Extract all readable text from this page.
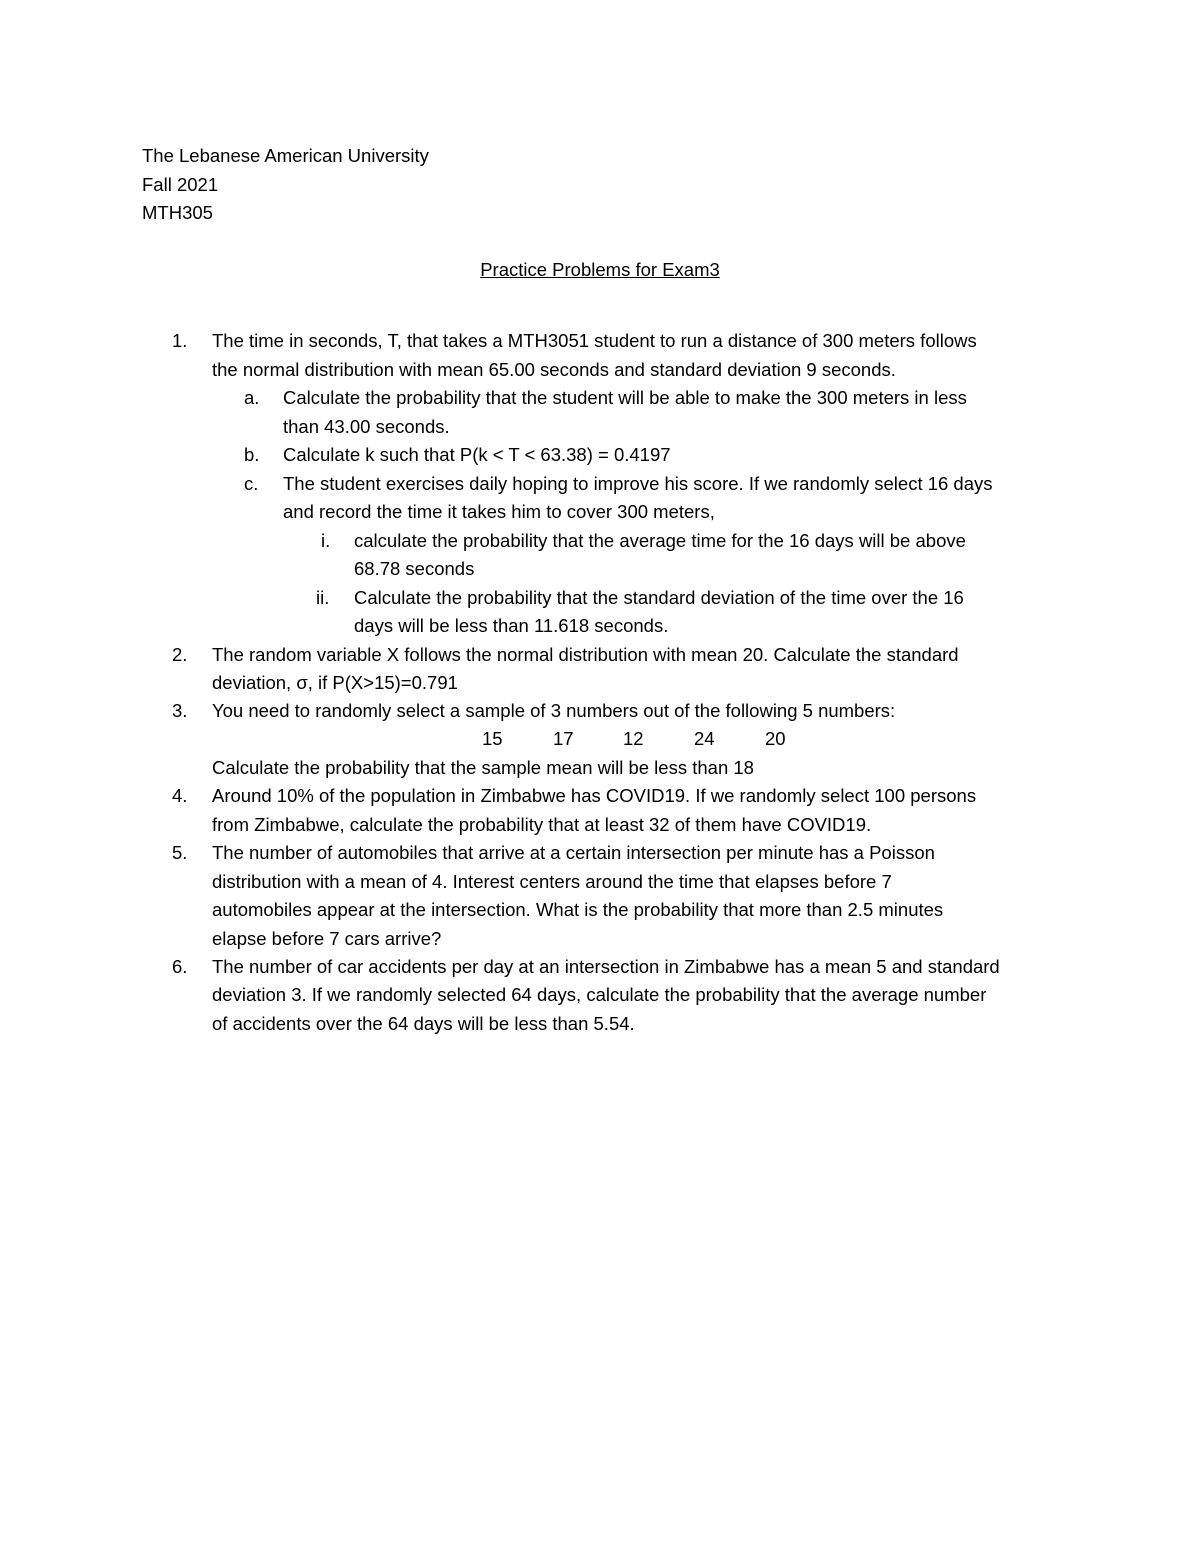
The Lebanese American University
Fall 2021
MTH305
Practice Problems for Exam3
1. The time in seconds, T, that takes a MTH3051 student to run a distance of 300 meters follows
the normal distribution with mean 65.00 seconds and standard deviation 9 seconds.
a. Calculate the probability that the student will be able to make the 300 meters in less
than 43.00 seconds.
b. Calculate k such that P(k < T < 63.38) = 0.4197
c. The student exercises daily hoping to improve his score. If we randomly select 16 days
and record the time it takes him to cover 300 meters,
i. calculate the probability that the average time for the 16 days will be above
68.78 seconds
ii. Calculate the probability that the standard deviation of the time over the 16
days will be less than 11.618 seconds.
2. The random variable X follows the normal distribution with mean 20. Calculate the standard
deviation, σ, if P(X>15)=0.791
3. You need to randomly select a sample of 3 numbers out of the following 5 numbers:
15	17	12	24	20
Calculate the probability that the sample mean will be less than 18
4. Around 10% of the population in Zimbabwe has COVID19. If we randomly select 100 persons
from Zimbabwe, calculate the probability that at least 32 of them have COVID19.
5. The number of automobiles that arrive at a certain intersection per minute has a Poisson
distribution with a mean of 4. Interest centers around the time that elapses before 7
automobiles appear at the intersection. What is the probability that more than 2.5 minutes
elapse before 7 cars arrive?
6. The number of car accidents per day at an intersection in Zimbabwe has a mean 5 and standard
deviation 3. If we randomly selected 64 days, calculate the probability that the average number
of accidents over the 64 days will be less than 5.54.
